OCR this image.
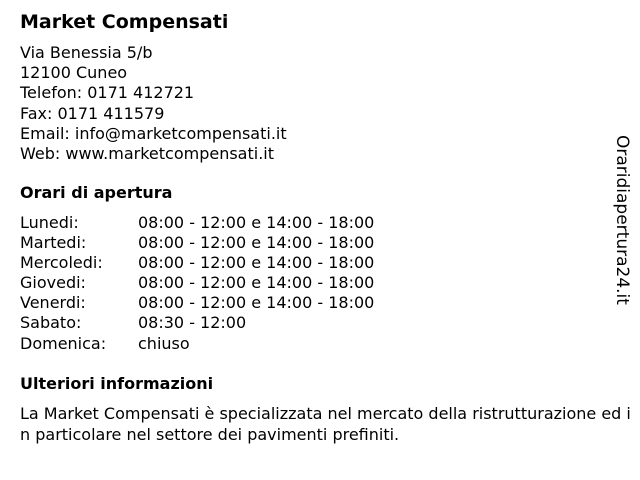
Market Compensati
Via Benessia 5/b
12100 Cuneo
Telefon: 0171 412721
Fax: 0171 411579
Email: info@marketcompensati.it
Web: www.marketcompensati.it
Orari di apertura
Lunedi:	08:00 - 12:00 e 14:00 - 18:00
Martedi:	08:00 - 12:00 e 14:00 - 18:00
Mercoledi: 08:00 - 12:00 e 14:00 - 18:00
Giovedi:	08:00 - 12:00 e 14:00 - 18:00
Venerdi:	08:00 - 12:00 e 14:00 - 18:00
Sabato:	08:30 - 12:00
Domenica: chiuso
Ulteriori informazioni
La Market Compensati è specializzata nel mercato della ristrutturazione ed in particolare nel settore dei pavimenti prefiniti.
Oraridiapertura24.it
